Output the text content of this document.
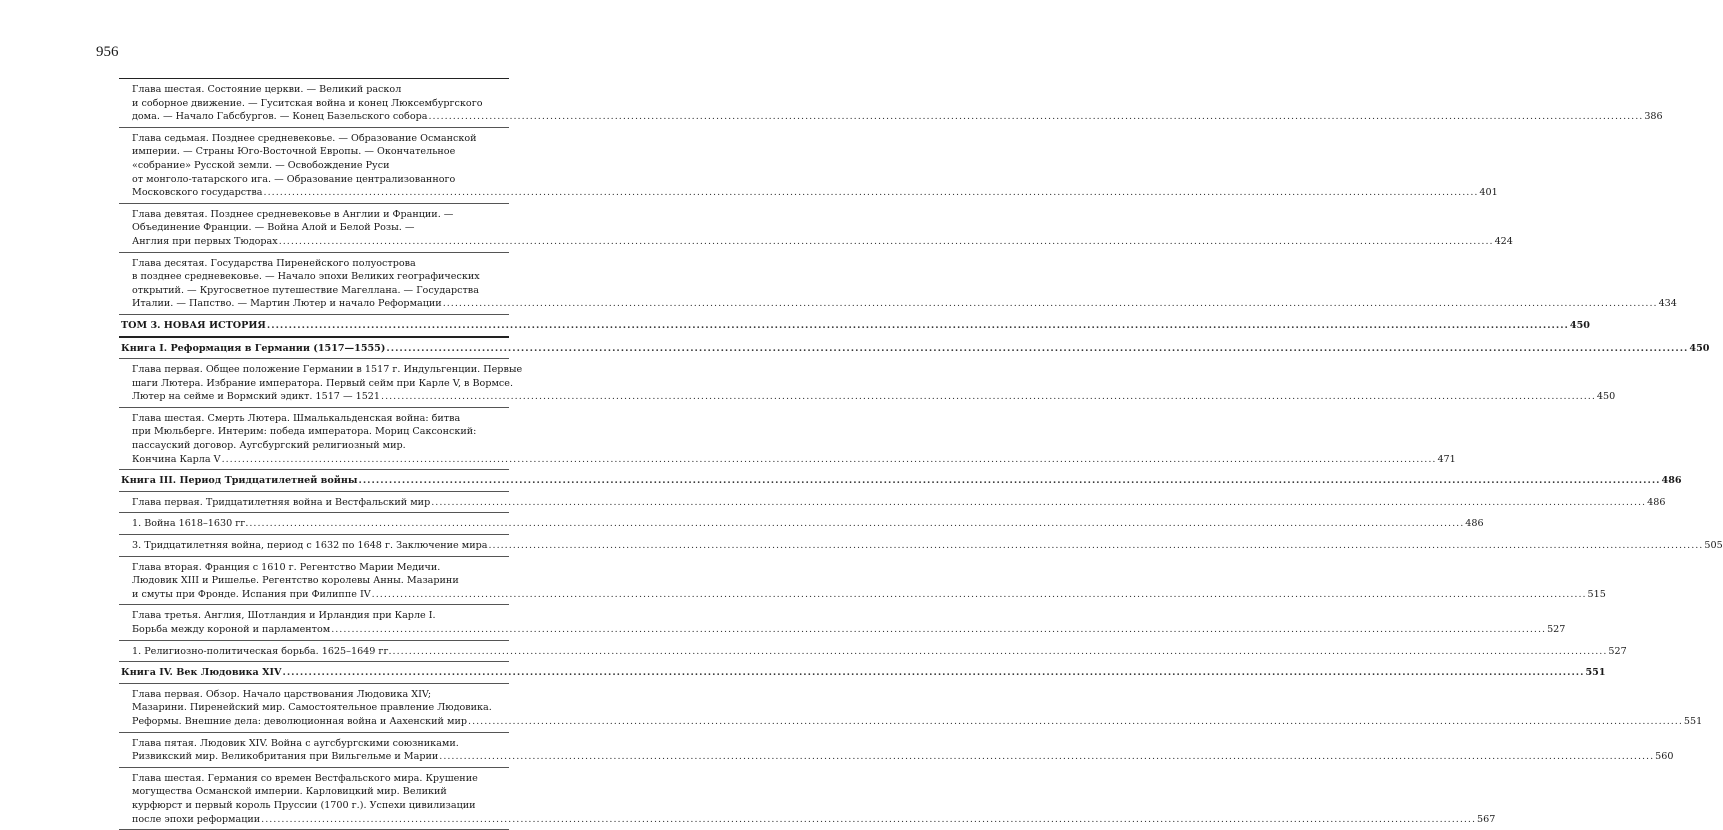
956
Глава шестая. Состояние церкви. — Великий раскол
и соборное движение. — Гуситская война и конец Люксембургского
дома. — Начало Габсбургов. — Конец Базельского собора ............................................................................................................................................................................................................................................................................................................ 386
Глава седьмая. Позднее средневековье. — Образование Османской
империи. — Страны Юго-Восточной Европы. — Окончательное
«собрание» Русской земли. — Освобождение Руси
от монголо-татарского ига. — Образование централизованного
Московского государства ............................................................................................................................................................................................................................................................................................................ 401
Глава девятая. Позднее средневековье в Англии и Франции. —
Объединение Франции. — Война Алой и Белой Розы. —
Англия при первых Тюдорах ............................................................................................................................................................................................................................................................................................................ 424
Глава десятая. Государства Пиренейского полуострова
в позднее средневековье. — Начало эпохи Великих географических
открытий. — Кругосветное путешествие Магеллана. — Государства
Италии. — Папство. — Мартин Лютер и начало Реформации ............................................................................................................................................................................................................................................................................................................ 434
ТОМ 3. НОВАЯ ИСТОРИЯ ............................................................................................................................................................................................................................................................................................................ 450
Книга I. Реформация в Германии (1517—1555) ............................................................................................................................................................................................................................................................................................................ 450
Глава первая. Общее положение Германии в 1517 г. Индульгенции. Первые
шаги Лютера. Избрание императора. Первый сейм при Карле V, в Вормсе.
Лютер на сейме и Вормский эдикт. 1517 — 1521 ............................................................................................................................................................................................................................................................................................................ 450
Глава шестая. Смерть Лютера. Шмалькальденская война: битва
при Мюльберге. Интерим: победа императора. Мориц Саксонский:
пассауский договор. Аугсбургский религиозный мир.
Кончина Карла V ............................................................................................................................................................................................................................................................................................................ 471
Книга III. Период Тридцатилетней войны ............................................................................................................................................................................................................................................................................................................ 486
Глава первая. Тридцатилетняя война и Вестфальский мир ............................................................................................................................................................................................................................................................................................................ 486
1. Война 1618–1630 гг. ............................................................................................................................................................................................................................................................................................................ 486
3. Тридцатилетняя война, период с 1632 по 1648 г. Заключение мира ............................................................................................................................................................................................................................................................................................................ 505
Глава вторая. Франция с 1610 г. Регентство Марии Медичи.
Людовик XIII и Ришелье. Регентство королевы Анны. Мазарини
и смуты при Фронде. Испания при Филиппе IV ............................................................................................................................................................................................................................................................................................................ 515
Глава третья. Англия, Шотландия и Ирландия при Карле I.
Борьба между короной и парламентом ............................................................................................................................................................................................................................................................................................................ 527
1. Религиозно-политическая борьба. 1625–1649 гг. ............................................................................................................................................................................................................................................................................................................ 527
Книга IV. Век Людовика XIV ............................................................................................................................................................................................................................................................................................................ 551
Глава первая. Обзор. Начало царствования Людовика XIV;
Мазарини. Пиренейский мир. Самостоятельное правление Людовика.
Реформы. Внешние дела: деволюционная война и Аахенский мир ............................................................................................................................................................................................................................................................................................................ 551
Глава пятая. Людовик XIV. Война с аугсбургскими союзниками.
Ризвикский мир. Великобритания при Вильгельме и Марии ............................................................................................................................................................................................................................................................................................................ 560
Глава шестая. Германия со времен Вестфальского мира. Крушение
могущества Османской империи. Карловицкий мир. Великий
курфюрст и первый король Пруссии (1700 г.). Успехи цивилизации
после эпохи реформации ............................................................................................................................................................................................................................................................................................................ 567
